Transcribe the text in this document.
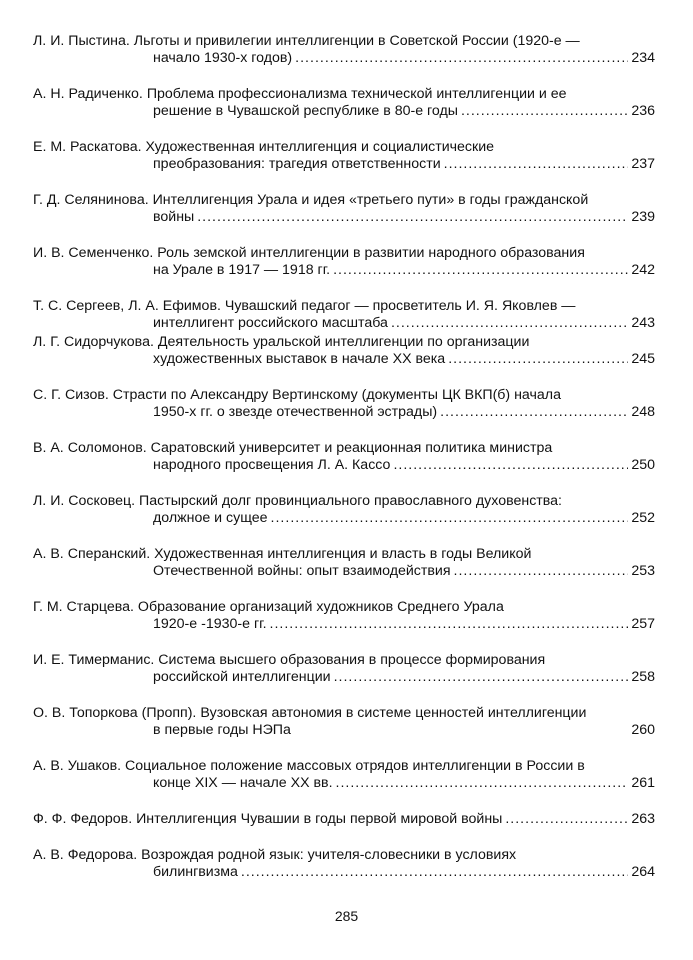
Л. И. Пыстина. Льготы и привилегии интеллигенции в Советской России (1920-е —
начало 1930-х годов) .....	234
А. Н. Радиченко. Проблема профессионализма технической интеллигенции и ее
решение в Чувашской республике в 80-е годы .....	236
Е. М. Раскатова. Художественная интеллигенция и социалистические
преобразования: трагедия ответственности .....	237
Г. Д. Селянинова. Интеллигенция Урала и идея «третьего пути» в годы гражданской
войны .....	239
И. В. Семенченко. Роль земской интеллигенции в развитии народного образования
на Урале в 1917 — 1918 гг. .....	242
Т. С. Сергеев, Л. А. Ефимов. Чувашский педагог — просветитель И. Я. Яковлев —
интеллигент российского масштаба .....	243
Л. Г. Сидорчукова. Деятельность уральской интеллигенции по организации
художественных выставок в начале XX века .....	245
С. Г. Сизов. Страсти по Александру Вертинскому (документы ЦК ВКП(б) начала
1950-х гг. о звезде отечественной эстрады) .....	248
В. А. Соломонов. Саратовский университет и реакционная политика министра
народного просвещения Л. А. Кассо .....	250
Л. И. Сосковец. Пастырский долг провинциального православного духовенства:
должное и сущее .....	252
А. В. Сперанский. Художественная интеллигенция и власть в годы Великой
Отечественной войны: опыт взаимодействия .....	253
Г. М. Старцева. Образование организаций художников Среднего Урала
1920-е -1930-е гг. .....	257
И. Е. Тимерманис. Система высшего образования в процессе формирования
российской интеллигенции .....	258
О. В. Топоркова (Пропп). Вузовская автономия в системе ценностей интеллигенции
в первые годы НЭПа	260
А. В. Ушаков. Социальное положение массовых отрядов интеллигенции в России в
конце XIX — начале XX вв. .....	261
Ф. Ф. Федоров. Интеллигенция Чувашии в годы первой мировой войны .....	263
А. В. Федорова. Возрождая родной язык: учителя-словесники в условиях
билингвизма .....	264
285
